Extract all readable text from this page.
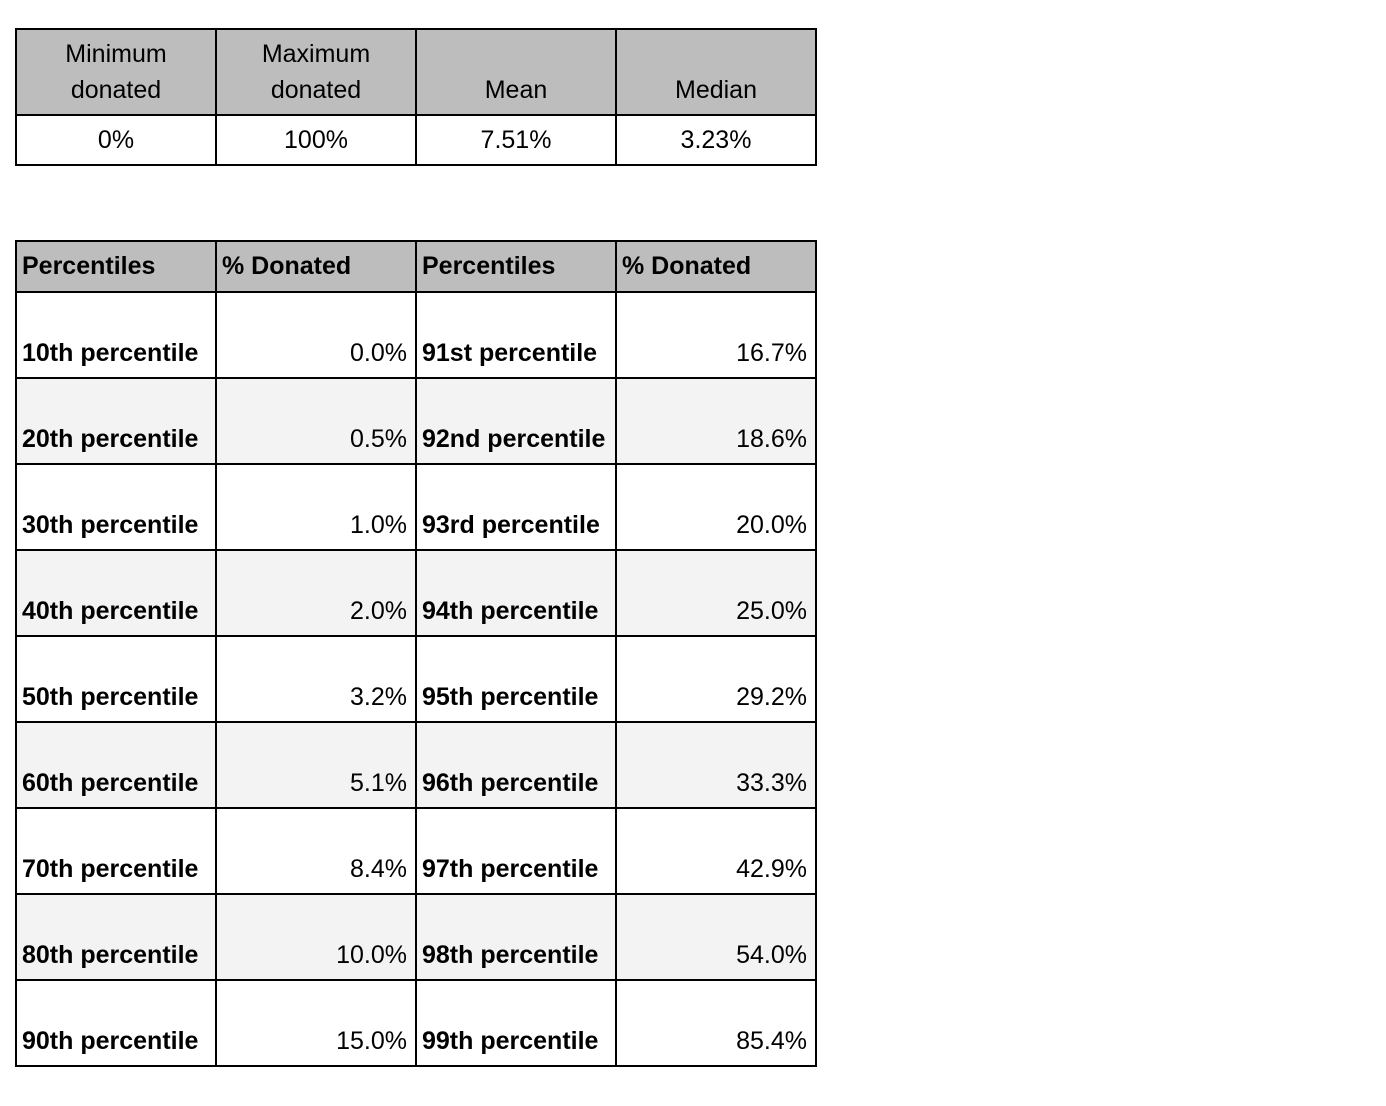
Minimum donated	Maximum donated	Mean	Median
0%	100%	7.51%	3.23%
Percentiles	% Donated	Percentiles	% Donated
10th percentile	0.0%	91st percentile	16.7%
20th percentile	0.5%	92nd percentile	18.6%
30th percentile	1.0%	93rd percentile	20.0%
40th percentile	2.0%	94th percentile	25.0%
50th percentile	3.2%	95th percentile	29.2%
60th percentile	5.1%	96th percentile	33.3%
70th percentile	8.4%	97th percentile	42.9%
80th percentile	10.0%	98th percentile	54.0%
90th percentile	15.0%	99th percentile	85.4%
